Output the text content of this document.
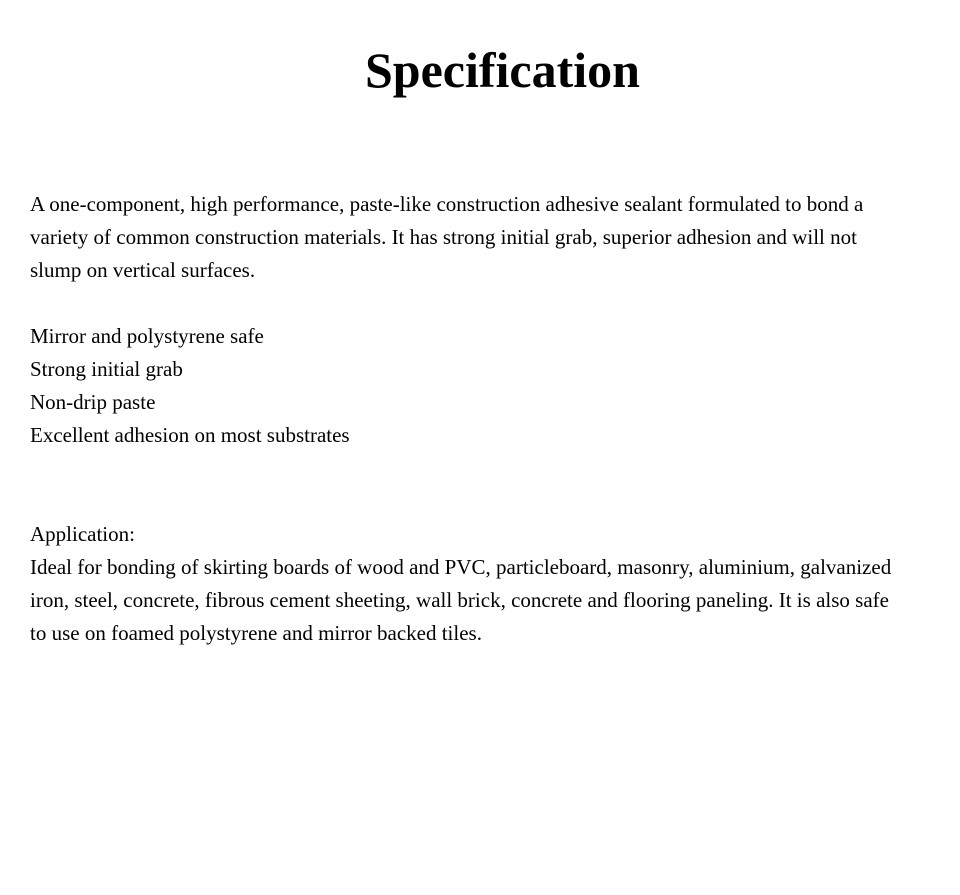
Specification

A one-component, high performance, paste-like construction adhesive sealant formulated to bond a variety of common construction materials. It has strong initial grab, superior adhesion and will not slump on vertical surfaces.

Mirror and polystyrene safe
Strong initial grab
Non-drip paste
Excellent adhesion on most substrates

Application:

Ideal for bonding of skirting boards of wood and PVC, particleboard, masonry, aluminium, galvanized iron, steel, concrete, fibrous cement sheeting, wall brick, concrete and flooring paneling. It is also safe to use on foamed polystyrene and mirror backed tiles.
